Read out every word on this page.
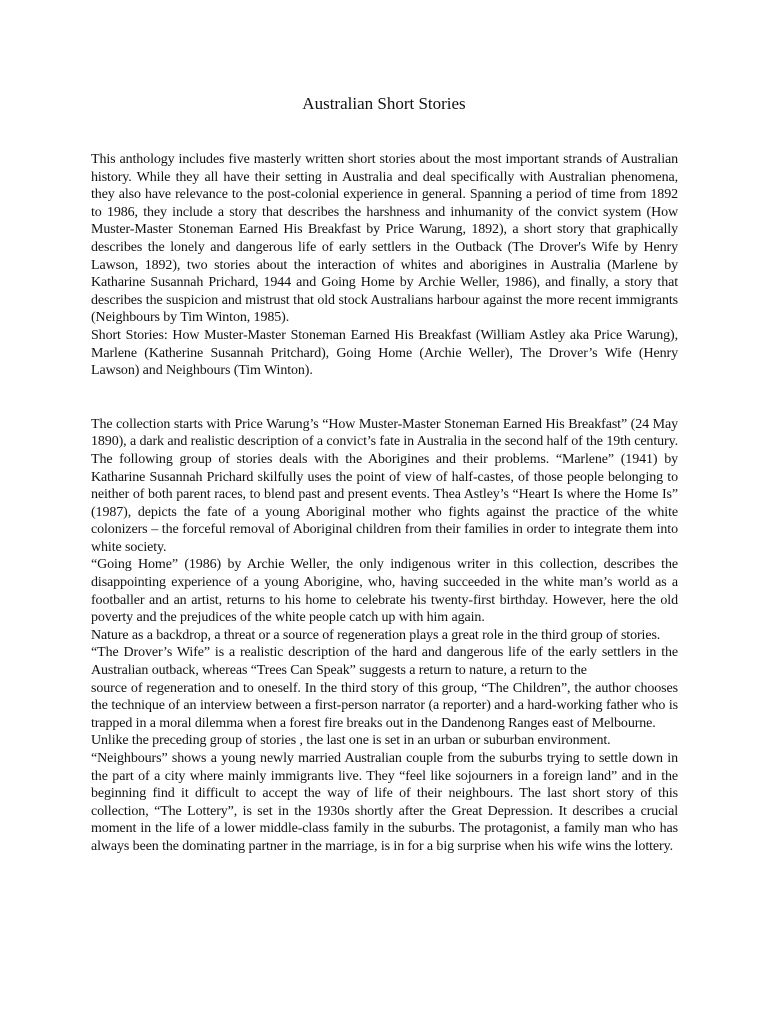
Australian Short Stories

This anthology includes five masterly written short stories about the most important strands of Australian history. While they all have their setting in Australia and deal specifically with Australian phenomena, they also have relevance to the post-colonial experience in general. Spanning a period of time from 1892 to 1986, they include a story that describes the harshness and inhumanity of the convict system (How Muster-Master Stoneman Earned His Breakfast by Price Warung, 1892), a short story that graphically describes the lonely and dangerous life of early settlers in the Outback (The Drover's Wife by Henry Lawson, 1892), two stories about the interaction of whites and aborigines in Australia (Marlene by Katharine Susannah Prichard, 1944 and Going Home by Archie Weller, 1986), and finally, a story that describes the suspicion and mistrust that old stock Australians harbour against the more recent immigrants (Neighbours by Tim Winton, 1985).

Short Stories: How Muster-Master Stoneman Earned His Breakfast (William Astley aka Price Warung), Marlene (Katherine Susannah Pritchard), Going Home (Archie Weller), The Drover’s Wife (Henry Lawson) and Neighbours (Tim Winton).

The collection starts with Price Warung’s “How Muster-Master Stoneman Earned His Breakfast” (24 May 1890), a dark and realistic description of a convict’s fate in Australia in the second half of the 19th century.

The following group of stories deals with the Aborigines and their problems. “Marlene” (1941) by Katharine Susannah Prichard skilfully uses the point of view of half-castes, of those people belonging to neither of both parent races, to blend past and present events. Thea Astley’s “Heart Is where the Home Is” (1987), depicts the fate of a young Aboriginal mother who fights against the practice of the white colonizers – the forceful removal of Aboriginal children from their families in order to integrate them into white society.

“Going Home” (1986) by Archie Weller, the only indigenous writer in this collection, describes the disappointing experience of a young Aborigine, who, having succeeded in the white man’s world as a footballer and an artist, returns to his home to celebrate his twenty-first birthday. However, here the old poverty and the prejudices of the white people catch up with him again.

Nature as a backdrop, a threat or a source of regeneration plays a great role in the third group of stories.

“The Drover’s Wife” is a realistic description of the hard and dangerous life of the early settlers in the Australian outback, whereas “Trees Can Speak” suggests a return to nature, a return to the

source of regeneration and to oneself. In the third story of this group, “The Children”, the author chooses the technique of an interview between a first-person narrator (a reporter) and a hard-working father who is trapped in a moral dilemma when a forest fire breaks out in the Dandenong Ranges east of Melbourne.

Unlike the preceding group of stories , the last one is set in an urban or suburban environment.

“Neighbours” shows a young newly married Australian couple from the suburbs trying to settle down in the part of a city where mainly immigrants live. They “feel like sojourners in a foreign land” and in the beginning find it difficult to accept the way of life of their neighbours. The last short story of this collection, “The Lottery”, is set in the 1930s shortly after the Great Depression. It describes a crucial moment in the life of a lower middle-class family in the suburbs. The protagonist, a family man who has always been the dominating partner in the marriage, is in for a big surprise when his wife wins the lottery.
